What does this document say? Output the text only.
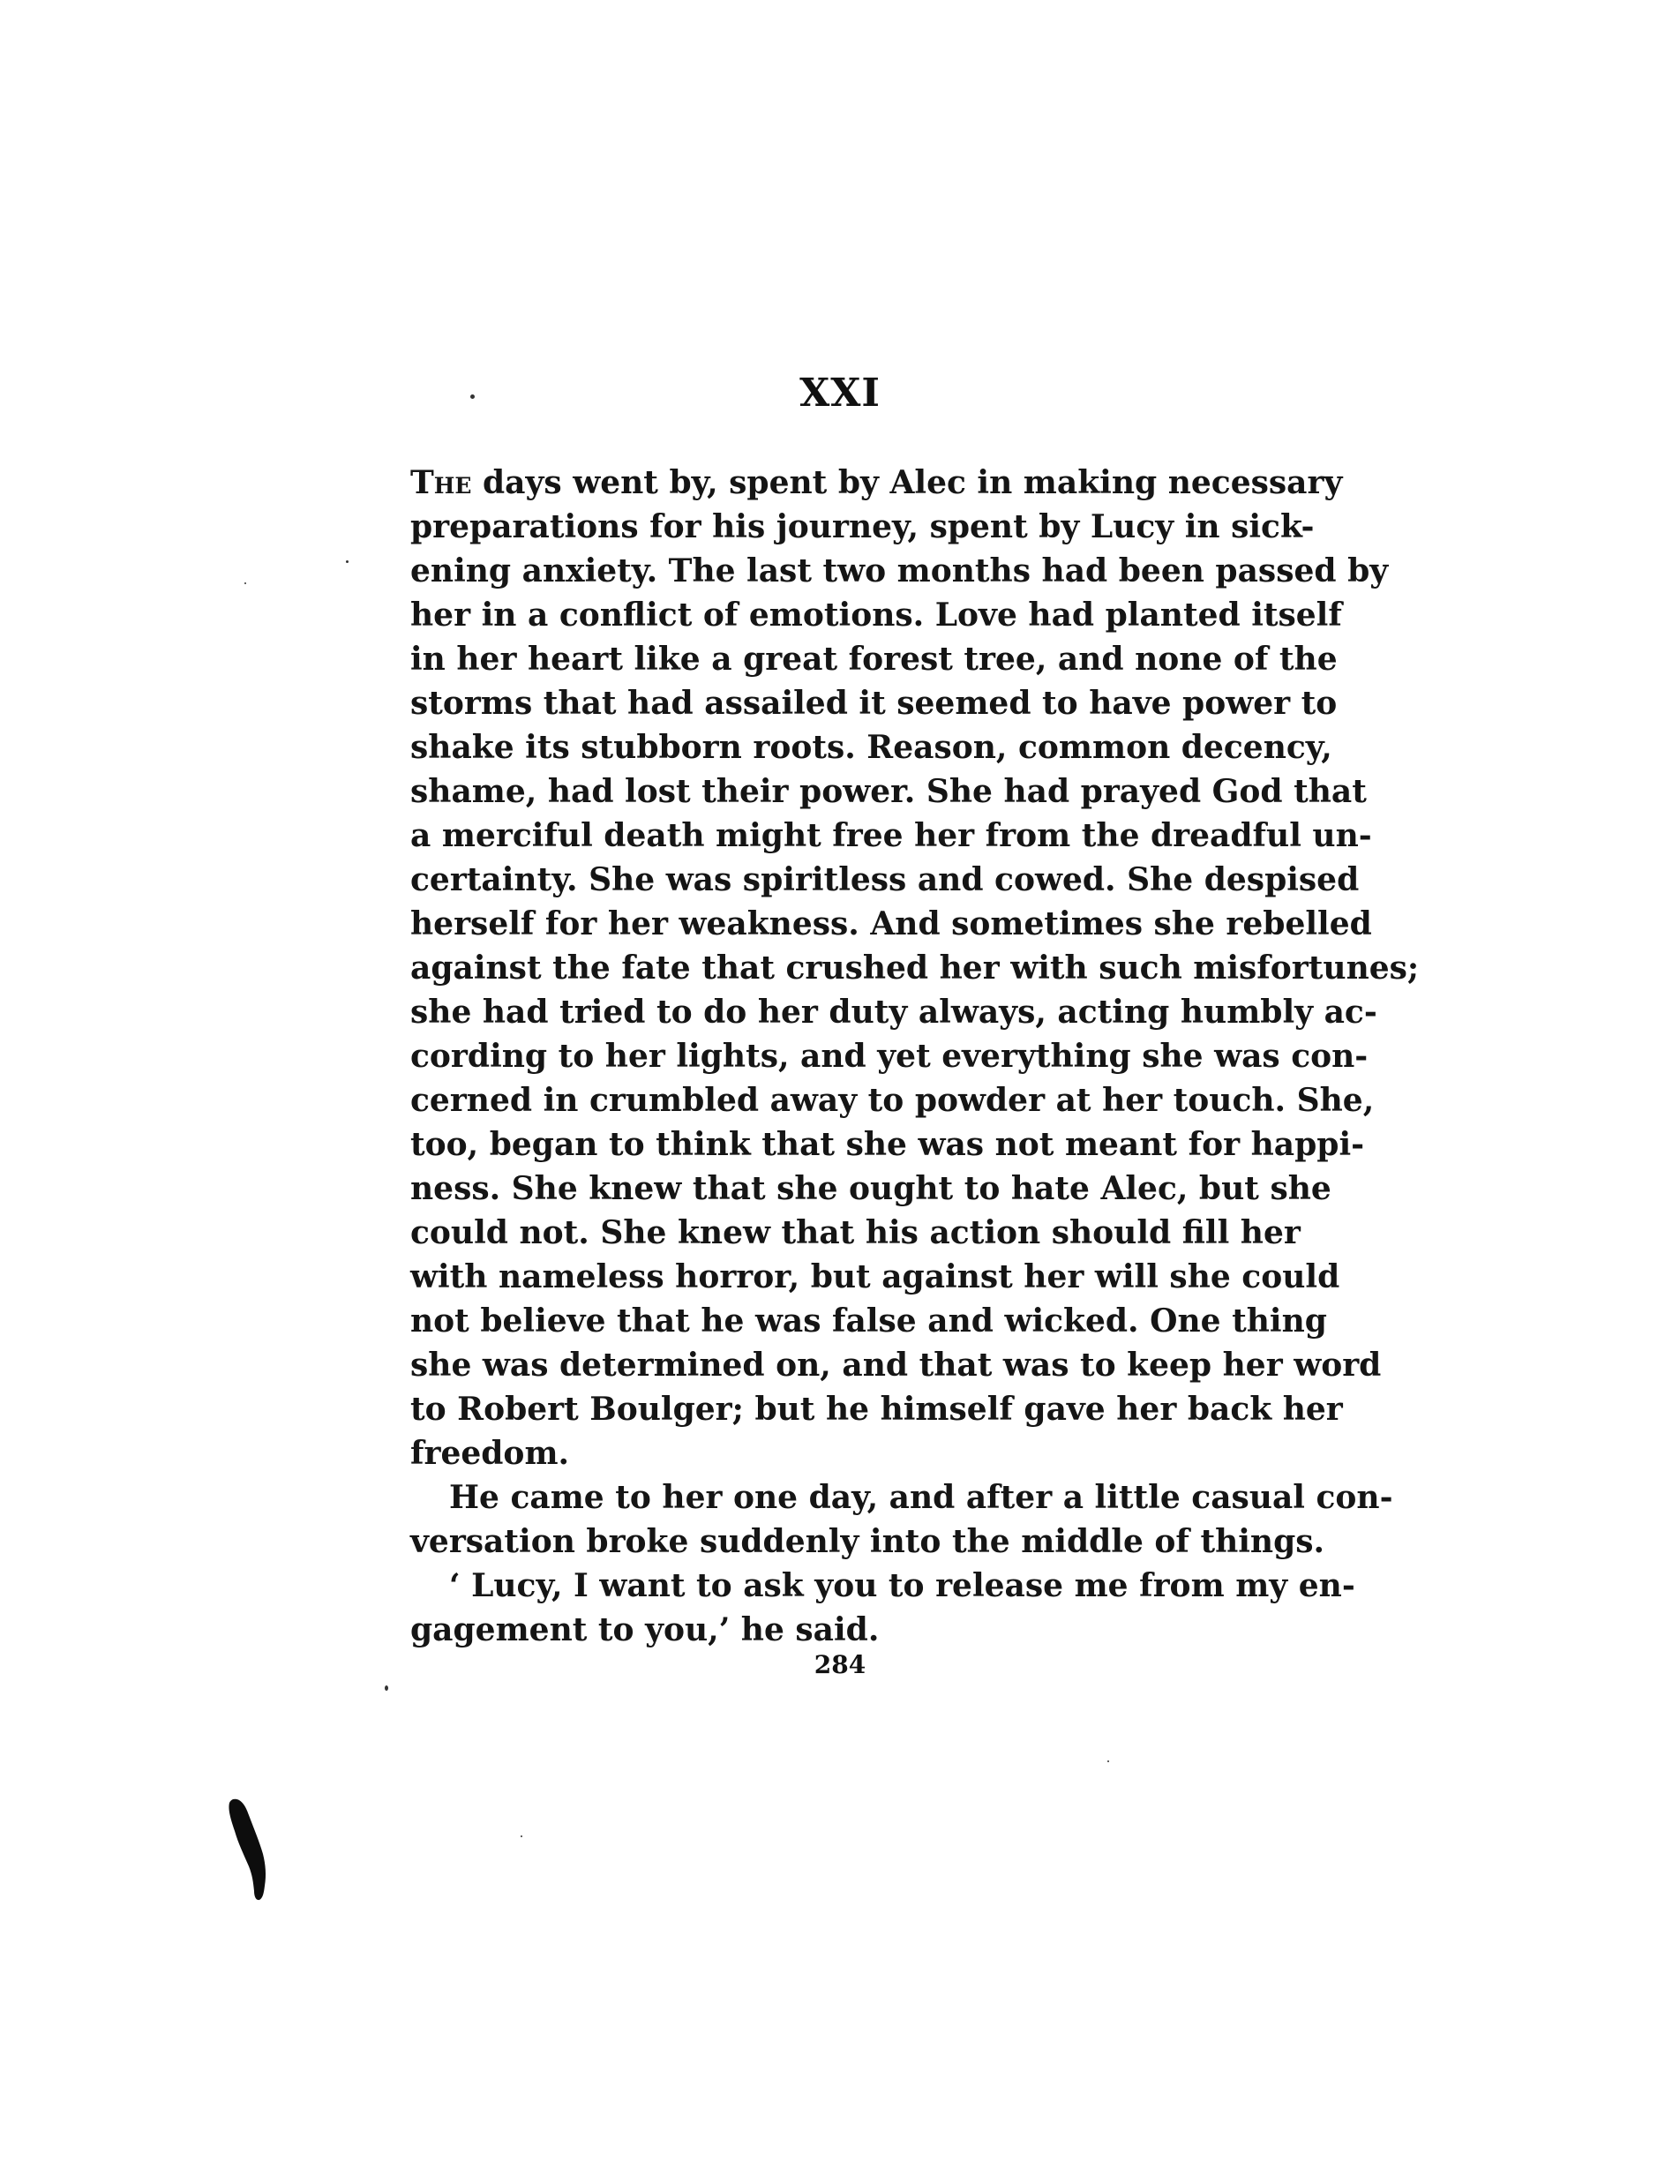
XXI
The days went by, spent by Alec in making necessary
preparations for his journey, spent by Lucy in sick-
ening anxiety. The last two months had been passed by
her in a conflict of emotions. Love had planted itself
in her heart like a great forest tree, and none of the
storms that had assailed it seemed to have power to
shake its stubborn roots. Reason, common decency,
shame, had lost their power. She had prayed God that
a merciful death might free her from the dreadful un-
certainty. She was spiritless and cowed. She despised
herself for her weakness. And sometimes she rebelled
against the fate that crushed her with such misfortunes;
she had tried to do her duty always, acting humbly ac-
cording to her lights, and yet everything she was con-
cerned in crumbled away to powder at her touch. She,
too, began to think that she was not meant for happi-
ness. She knew that she ought to hate Alec, but she
could not. She knew that his action should fill her
with nameless horror, but against her will she could
not believe that he was false and wicked. One thing
she was determined on, and that was to keep her word
to Robert Boulger; but he himself gave her back her
freedom.
He came to her one day, and after a little casual con-
versation broke suddenly into the middle of things.
‘ Lucy, I want to ask you to release me from my en-
gagement to you,’ he said.
284
